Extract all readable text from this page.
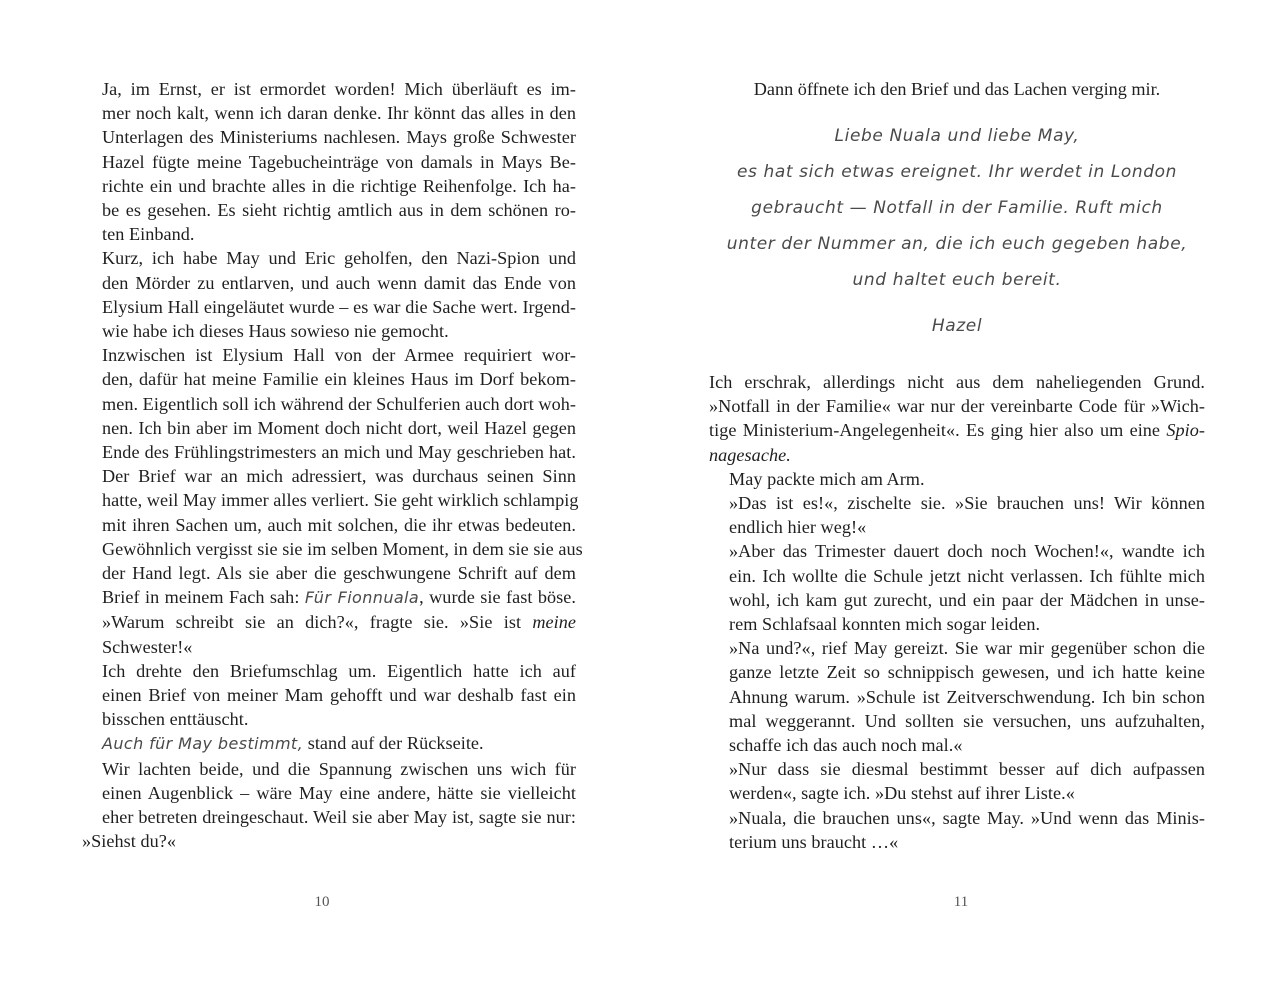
Ja, im Ernst, er ist ermordet worden! Mich überläuft es im-
mer noch kalt, wenn ich daran denke. Ihr könnt das alles in den
Unterlagen des Ministeriums nachlesen. Mays große Schwester
Hazel fügte meine Tagebucheinträge von damals in Mays Be-
richte ein und brachte alles in die richtige Reihenfolge. Ich ha-
be es gesehen. Es sieht richtig amtlich aus in dem schönen ro-
ten Einband.

Kurz, ich habe May und Eric geholfen, den Nazi-Spion und
den Mörder zu entlarven, und auch wenn damit das Ende von
Elysium Hall eingeläutet wurde – es war die Sache wert. Irgend-
wie habe ich dieses Haus sowieso nie gemocht.

Inzwischen ist Elysium Hall von der Armee requiriert wor-
den, dafür hat meine Familie ein kleines Haus im Dorf bekom-
men. Eigentlich soll ich während der Schulferien auch dort woh-
nen. Ich bin aber im Moment doch nicht dort, weil Hazel gegen
Ende des Frühlingstrimesters an mich und May geschrieben hat.

Der Brief war an mich adressiert, was durchaus seinen Sinn
hatte, weil May immer alles verliert. Sie geht wirklich schlampig
mit ihren Sachen um, auch mit solchen, die ihr etwas bedeuten.
Gewöhnlich vergisst sie sie im selben Moment, in dem sie sie aus
der Hand legt. Als sie aber die geschwungene Schrift auf dem
Brief in meinem Fach sah: Für Fionnuala, wurde sie fast böse.

»Warum schreibt sie an dich?«, fragte sie. »Sie ist meine
Schwester!«

Ich drehte den Briefumschlag um. Eigentlich hatte ich auf
einen Brief von meiner Mam gehofft und war deshalb fast ein
bisschen enttäuscht.

Auch für May bestimmt, stand auf der Rückseite.

Wir lachten beide, und die Spannung zwischen uns wich für
einen Augenblick – wäre May eine andere, hätte sie vielleicht
eher betreten dreingeschaut. Weil sie aber May ist, sagte sie nur:

»Siehst du?«

10
Dann öffnete ich den Brief und das Lachen verging mir.
Liebe Nuala und liebe May,
es hat sich etwas ereignet. Ihr werdet in London
gebraucht — Notfall in der Familie. Ruft mich
unter der Nummer an, die ich euch gegeben habe,
und haltet euch bereit.
Hazel

Ich erschrak, allerdings nicht aus dem naheliegenden Grund.
»Notfall in der Familie« war nur der vereinbarte Code für »Wich-
tige Ministerium-Angelegenheit«. Es ging hier also um eine Spio-
nagesache.

May packte mich am Arm.

»Das ist es!«, zischelte sie. »Sie brauchen uns! Wir können
endlich hier weg!«

»Aber das Trimester dauert doch noch Wochen!«, wandte ich
ein. Ich wollte die Schule jetzt nicht verlassen. Ich fühlte mich
wohl, ich kam gut zurecht, und ein paar der Mädchen in unse-
rem Schlafsaal konnten mich sogar leiden.

»Na und?«, rief May gereizt. Sie war mir gegenüber schon die
ganze letzte Zeit so schnippisch gewesen, und ich hatte keine
Ahnung warum. »Schule ist Zeitverschwendung. Ich bin schon
mal weggerannt. Und sollten sie versuchen, uns aufzuhalten,
schaffe ich das auch noch mal.«

»Nur dass sie diesmal bestimmt besser auf dich aufpassen
werden«, sagte ich. »Du stehst auf ihrer Liste.«

»Nuala, die brauchen uns«, sagte May. »Und wenn das Minis-
terium uns braucht …«

11
